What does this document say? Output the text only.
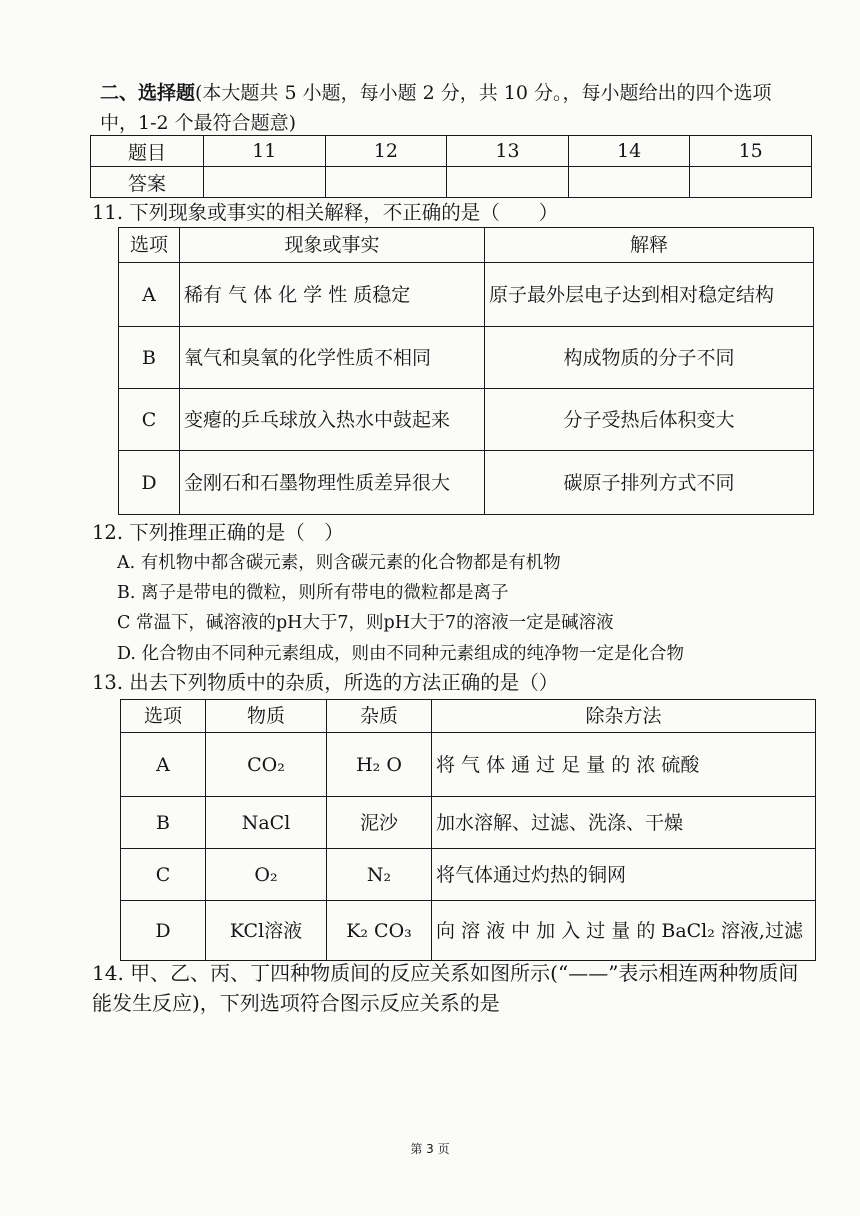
二、选择题(本大题共 5 小题，每小题 2 分，共 10 分。，每小题给出的四个选项中，1-2 个最符合题意)
题目	11	12	13	14	15
答案					
11. 下列现象或事实的相关解释，不正确的是（　　）
选项	现象或事实	解释
A	稀有 气 体 化 学 性 质稳定	原子最外层电子达到相对稳定结构
B	氧气和臭氧的化学性质不相同	构成物质的分子不同
C	变瘪的乒乓球放入热水中鼓起来	分子受热后体积变大
D	金刚石和石墨物理性质差异很大	碳原子排列方式不同
12. 下列推理正确的是（　）
A. 有机物中都含碳元素，则含碳元素的化合物都是有机物
B. 离子是带电的微粒，则所有带电的微粒都是离子
C 常温下，碱溶液的pH大于7，则pH大于7的溶液一定是碱溶液
D. 化合物由不同种元素组成，则由不同种元素组成的纯净物一定是化合物
13. 出去下列物质中的杂质，所选的方法正确的是（）
选项	物质	杂质	除杂方法
A	CO₂	H₂ O	将 气 体 通 过 足 量 的 浓 硫酸
B	NaCl	泥沙	加水溶解、过滤、洗涤、干燥
C	O₂	N₂	将气体通过灼热的铜网
D	KCl溶液	K₂ CO₃	向 溶 液 中 加 入 过 量 的 BaCl₂ 溶液,过滤
14. 甲、乙、丙、丁四种物质间的反应关系如图所示(“——”表示相连两种物质间能发生反应)，下列选项符合图示反应关系的是
第 3 页
